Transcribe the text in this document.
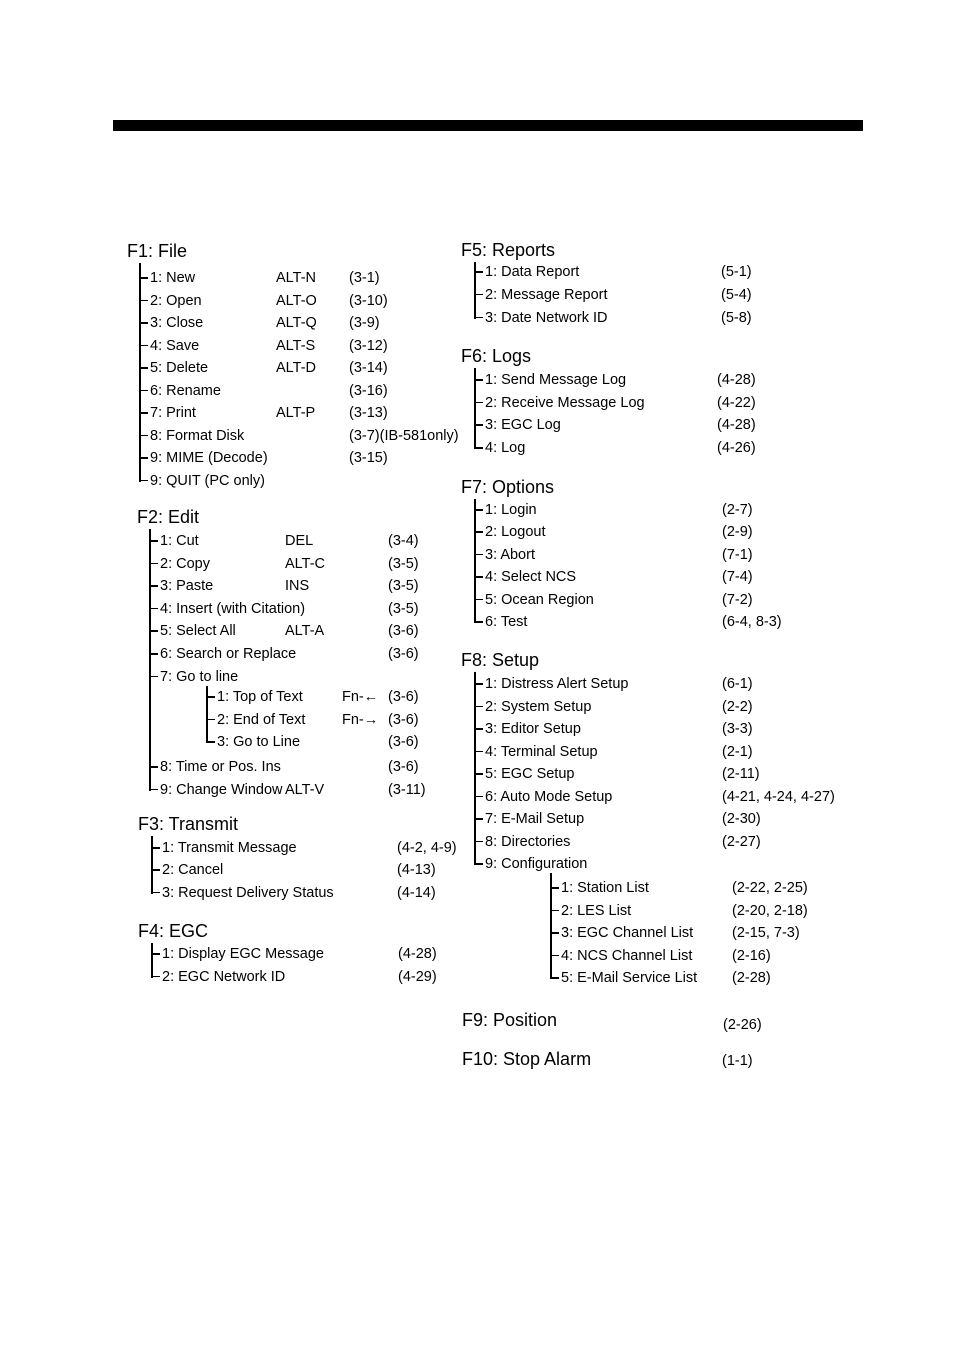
F1: File
1: New	ALT-N (3-1)
2: Open	ALT-O (3-10)
3: Close	ALT-Q (3-9)
4: Save	ALT-S (3-12)
5: Delete	ALT-D (3-14)
6: Rename	(3-16)
7: Print	ALT-P (3-13)
8: Format Disk	(3-7)(IB-581only)
9: MIME (Decode)	(3-15)
9: QUIT (PC only)
F2: Edit
1: Cut	DEL	(3-4)
2: Copy	ALT-C	(3-5)
3: Paste	INS	(3-5)
4: Insert (with Citation)	(3-5)
5: Select All	ALT-A	(3-6)
6: Search or Replace	(3-6)
7: Go to line
1: Top of Text	Fn-← (3-6)
2: End of Text	Fn-→ (3-6)
3: Go to Line	(3-6)
8: Time or Pos. Ins	(3-6)
9: Change Window ALT-V	(3-11)
F3: Transmit
1: Transmit Message	(4-2, 4-9)
2: Cancel	(4-13)
3: Request Delivery Status	(4-14)
F4: EGC
1: Display EGC Message	(4-28)
2: EGC Network ID	(4-29)
F5: Reports
1: Data Report	(5-1)
2: Message Report	(5-4)
3: Date Network ID	(5-8)
F6: Logs
1: Send Message Log	(4-28)
2: Receive Message Log	(4-22)
3: EGC Log	(4-28)
4: Log	(4-26)
F7: Options
1: Login	(2-7)
2: Logout	(2-9)
3: Abort	(7-1)
4: Select NCS	(7-4)
5: Ocean Region	(7-2)
6: Test	(6-4, 8-3)
F8: Setup
1: Distress Alert Setup	(6-1)
2: System Setup	(2-2)
3: Editor Setup	(3-3)
4: Terminal Setup	(2-1)
5: EGC Setup	(2-11)
6: Auto Mode Setup	(4-21, 4-24, 4-27)
7: E-Mail Setup	(2-30)
8: Directories	(2-27)
9: Configuration
1: Station List	(2-22, 2-25)
2: LES List	(2-20, 2-18)
3: EGC Channel List	(2-15, 7-3)
4: NCS Channel List	(2-16)
5: E-Mail Service List (2-28)
F9: Position	(2-26)
F10: Stop Alarm	(1-1)
